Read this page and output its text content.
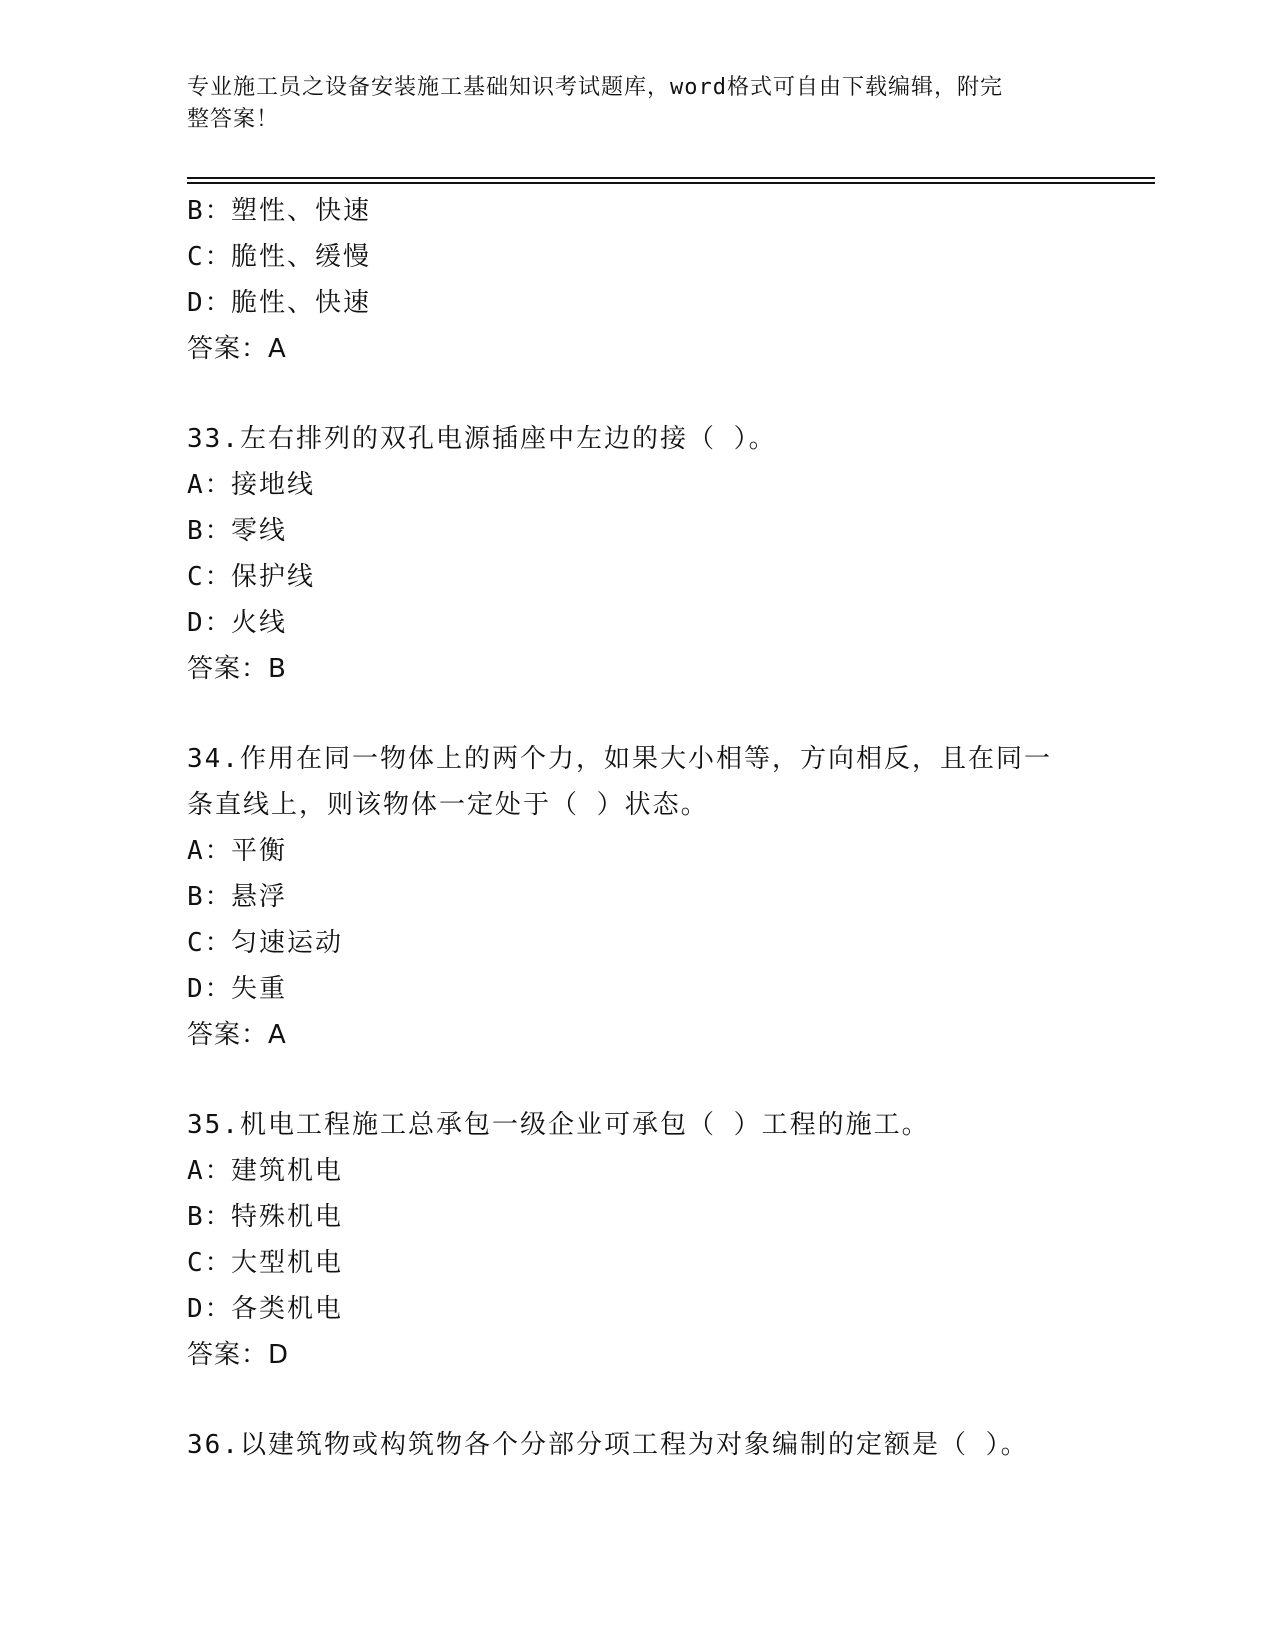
专业施工员之设备安装施工基础知识考试题库，word格式可自由下载编辑，附完
整答案！
B：
塑性、快速
C：
脆性、缓慢
D：
脆性、快速
答案：A
33.左右排列的双孔电源插座中左边的接（ ）。
A：
接地线
B：
零线
C：
保护线
D：
火线
答案：B
34.作用在同一物体上的两个力，如果大小相等，方向相反，且在同一
条直线上，则该物体一定处于（ ）状态。
A：
平衡
B：
悬浮
C：
匀速运动
D：
失重
答案：A
35.机电工程施工总承包一级企业可承包（ ）工程的施工。
A：
建筑机电
B：
特殊机电
C：
大型机电
D：
各类机电
答案：D
36.以建筑物或构筑物各个分部分项工程为对象编制的定额是（ ）。
